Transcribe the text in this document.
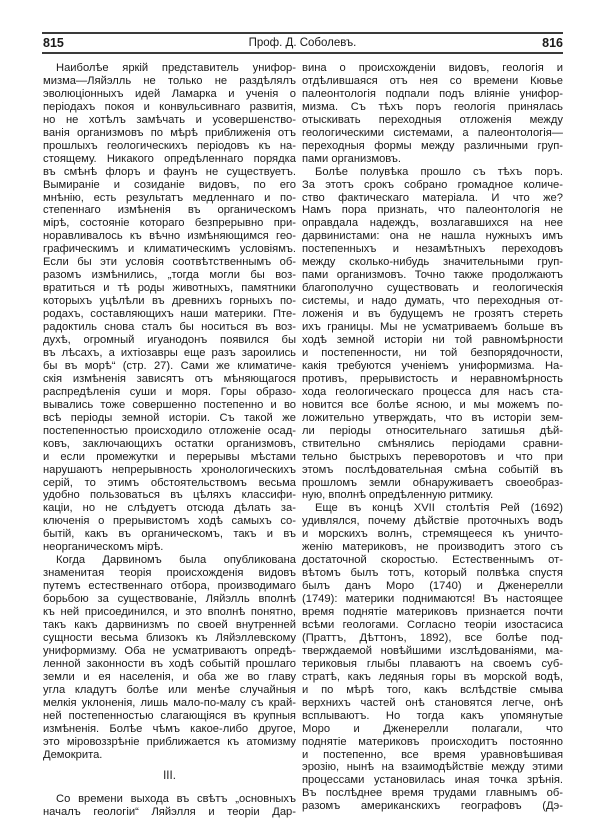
815	Проф. Д. Соболевъ.	816
Наиболѣе яркій представитель унифор-
мизма—Ляйэлль не только не раздѣлялъ
эволюціонныхъ идей Ламарка и ученія о
періодахъ покоя и конвульсивнаго развитія,
но не хотѣлъ замѣчать и усовершенство-
ванія организмовъ по мѣрѣ приближенія отъ
прошлыхъ геологическихъ періодовъ къ на-
стоящему. Никакого опредѣленнаго порядка
въ смѣнѣ флоръ и фаунъ не существуетъ.
Вымираніе и созиданіе видовъ, по его
мнѣнію, есть результатъ медленнаго и по-
степеннаго измѣненія въ органическомъ
мірѣ, состояніе котораго безпрерывно при-
норавливалось къ вѣчно измѣняющимся гео-
графическимъ и климатическимъ условіямъ.
Если бы эти условія соотвѣтственнымъ об-
разомъ измѣнились, „тогда могли бы воз-
вратиться и тѣ роды животныхъ, памятники
которыхъ уцѣлѣли въ древнихъ горныхъ по-
родахъ, составляющихъ наши материки. Пте-
радоктиль снова сталъ бы носиться въ воз-
духѣ, огромный игуанодонъ появился бы
въ лѣсахъ, а ихтіозавры еще разъ зароились
бы въ морѣ“ (стр. 27). Сами же климатиче-
скія измѣненія зависятъ отъ мѣняющагося
распредѣленія суши и моря. Горы образо-
вывались тоже совершенно постепенно и во
всѣ періоды земной исторіи. Съ такой же
постепенностью происходило отложеніе осад-
ковъ, заключающихъ остатки организмовъ,
и если промежутки и перерывы мѣстами
нарушаютъ непрерывность хронологическихъ
серій, то этимъ обстоятельствомъ весьма
удобно пользоваться въ цѣляхъ классифи-
каціи, но не слѣдуетъ отсюда дѣлать за-
ключенія о прерывистомъ ходѣ самыхъ со-
бытій, какъ въ органическомъ, такъ и въ
неорганическомъ мірѣ.
Когда Дарвиномъ была опубликована
знаменитая теорія происхожденія видовъ
путемъ естественнаго отбора, производимаго
борьбою за существованіе, Ляйэлль вполнѣ
къ ней присоединился, и это вполнѣ понятно,
такъ какъ дарвинизмъ по своей внутренней
сущности весьма близокъ къ Ляйэллевскому
униформизму. Оба не усматриваютъ опредѣ-
ленной законности въ ходѣ событій прошлаго
земли и ея населенія, и оба же во главу
угла кладутъ болѣе или менѣе случайныя
мелкія уклоненія, лишь мало-по-малу съ край-
ней постепенностью слагающіяся въ крупныя
измѣненія. Болѣе чѣмъ какое-либо другое,
это міровоззрѣніе приближается къ атомизму
Демокрита.
III.
Со времени выхода въ свѣтъ „основныхъ
началъ геологіи“ Ляйэлля и теоріи Дар-
вина о происхожденіи видовъ, геологія и
отдѣлившаяся отъ нея со времени Кювье
палеонтологія подпали подъ вліяніе унифор-
мизма. Съ тѣхъ поръ геологія принялась
отыскивать переходныя отложенія между
геологическими системами, а палеонтологія—
переходныя формы между различными груп-
пами организмовъ.
Болѣе полувѣка прошло съ тѣхъ поръ.
За этотъ срокъ собрано громадное количе-
ство фактическаго матеріала. И что же?
Намъ пора признать, что палеонтологія не
оправдала надеждъ, возлагавшихся на нее
дарвинистами: она не нашла нужныхъ имъ
постепенныхъ и незамѣтныхъ переходовъ
между сколько-нибудь значительными груп-
пами организмовъ. Точно также продолжаютъ
благополучно существовать и геологическія
системы, и надо думать, что переходныя от-
ложенія и въ будущемъ не грозятъ стереть
ихъ границы. Мы не усматриваемъ больше въ
ходѣ земной исторіи ни той равномѣрности
и постепенности, ни той безпорядочности,
какія требуются ученіемъ униформизма. На-
противъ, прерывистость и неравномѣрность
хода геологическаго процесса для насъ ста-
новится все болѣе ясною, и мы можемъ по-
ложительно утверждать, что въ исторіи зем-
ли періоды относительнаго затишья дѣй-
ствительно смѣнялись періодами сравни-
тельно быстрыхъ переворотовъ и что при
этомъ послѣдовательная смѣна событій въ
прошломъ земли обнаруживаетъ своеобраз-
ную, вполнѣ опредѣленную ритмику.
Еще въ концѣ XVII столѣтія Рей (1692)
удивлялся, почему дѣйствіе проточныхъ водъ
и морскихъ волнъ, стремящееся къ уничто-
женію материковъ, не производитъ этого съ
достаточной скоростью. Естественнымъ от-
вѣтомъ былъ тотъ, который полвѣка спустя
былъ данъ Моро (1740) и Дженерелли
(1749): материки поднимаются! Въ настоящее
время поднятіе материковъ признается почти
всѣми геологами. Согласно теоріи изостасиса
(Праттъ, Дѣттонъ, 1892), все болѣе под-
тверждаемой новѣйшими изслѣдованіями, ма-
териковыя глыбы плаваютъ на своемъ суб-
стратѣ, какъ ледяныя горы въ морской водѣ,
и по мѣрѣ того, какъ вслѣдствіе смыва
верхнихъ частей онѣ становятся легче, онѣ
всплываютъ. Но тогда какъ упомянутые
Моро и Дженерелли полагали, что
поднятіе материковъ происходитъ постоянно
и постепенно, все время уравновѣшивая
эрозію, нынѣ на взаимодѣйствіе между этими
процессами установилась иная точка зрѣнія.
Въ послѣднее время трудами главнымъ об-
разомъ американскихъ географовъ (Дэ-
